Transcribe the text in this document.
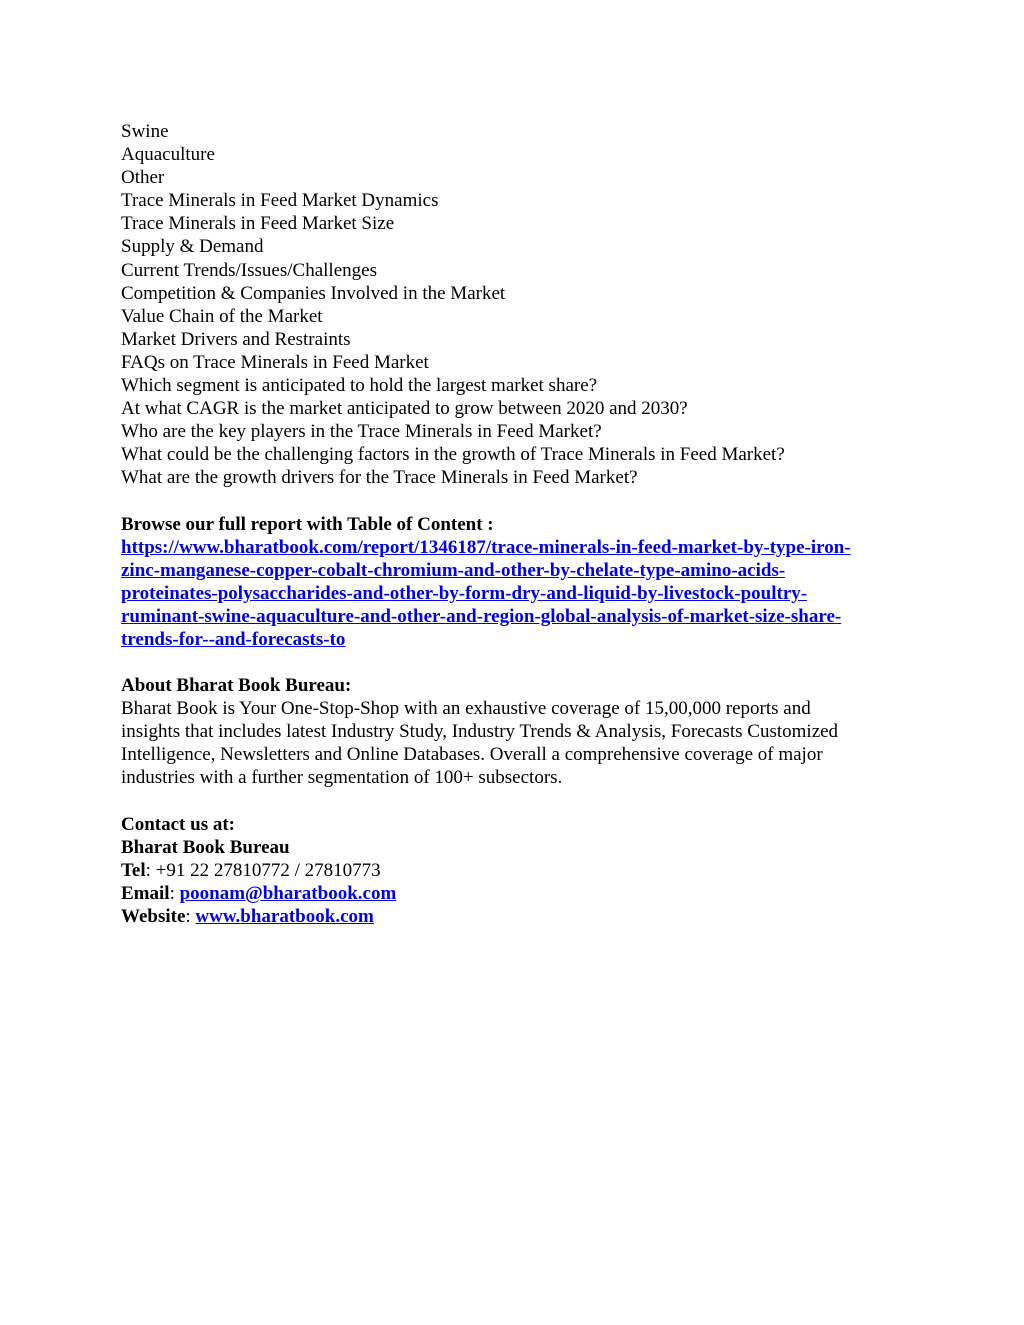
Swine
Aquaculture
Other
Trace Minerals in Feed Market Dynamics
Trace Minerals in Feed Market Size
Supply & Demand
Current Trends/Issues/Challenges
Competition & Companies Involved in the Market
Value Chain of the Market
Market Drivers and Restraints
FAQs on Trace Minerals in Feed Market
Which segment is anticipated to hold the largest market share?
At what CAGR is the market anticipated to grow between 2020 and 2030?
Who are the key players in the Trace Minerals in Feed Market?
What could be the challenging factors in the growth of Trace Minerals in Feed Market?
What are the growth drivers for the Trace Minerals in Feed Market?
Browse our full report with Table of Content :
https://www.bharatbook.com/report/1346187/trace-minerals-in-feed-market-by-type-iron-
zinc-manganese-copper-cobalt-chromium-and-other-by-chelate-type-amino-acids-
proteinates-polysaccharides-and-other-by-form-dry-and-liquid-by-livestock-poultry-
ruminant-swine-aquaculture-and-other-and-region-global-analysis-of-market-size-share-
trends-for--and-forecasts-to
About Bharat Book Bureau:
Bharat Book is Your One-Stop-Shop with an exhaustive coverage of 15,00,000 reports and
insights that includes latest Industry Study, Industry Trends & Analysis, Forecasts Customized
Intelligence, Newsletters and Online Databases. Overall a comprehensive coverage of major
industries with a further segmentation of 100+ subsectors.
Contact us at:
Bharat Book Bureau
Tel: +91 22 27810772 / 27810773
Email: poonam@bharatbook.com
Website: www.bharatbook.com
